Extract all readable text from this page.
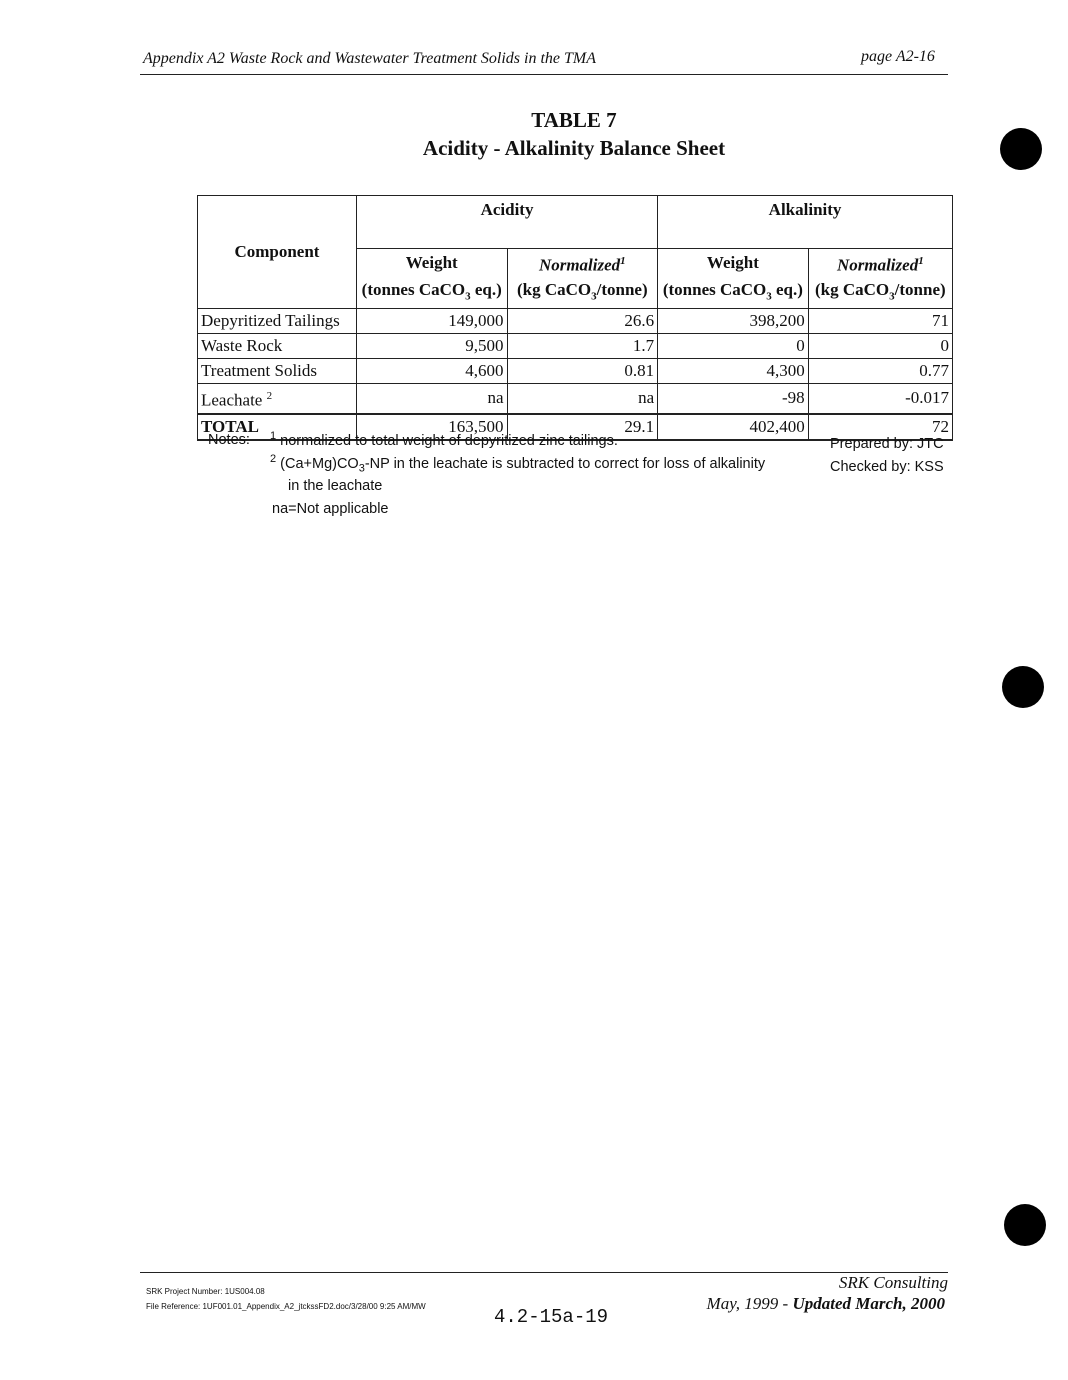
Appendix A2 Waste Rock and Wastewater Treatment Solids in the TMA	page A2-16
TABLE 7
Acidity - Alkalinity Balance Sheet
Component	Acidity		Alkalinity	
	Weight	Normalized$^1$	Weight	Normalized$^1$
	(tonnes CaCO$_3$ eq.)	(kg CaCO$_3$/tonne)	(tonnes CaCO$_3$ eq.)	(kg CaCO$_3$/tonne)
Depyritized Tailings	149,000	26.6	398,200	71
Waste Rock	9,500	1.7	0	0
Treatment Solids	4,600	0.81	4,300	0.77
Leachate $^2$	na	na	-98	-0.017
TOTAL	163,500	29.1	402,400	72
Notes: $^1$ normalized to total weight of depyritized zinc tailings.
$^2$ $(Ca+Mg)CO_3-NP$ in the leachate is subtracted to correct for loss of alkalinity
in the leachate
na=Not applicable
Prepared by: JTC
Checked by: KSS
SRK Project Number: 1US004.08
File Reference: 1UF001.01_Appendix_A2_jtckssFD2.doc/3/28/00 9:25 AM/MW	4.2-15a-19
SRK Consulting
May, 1999 - Updated March, 2000
